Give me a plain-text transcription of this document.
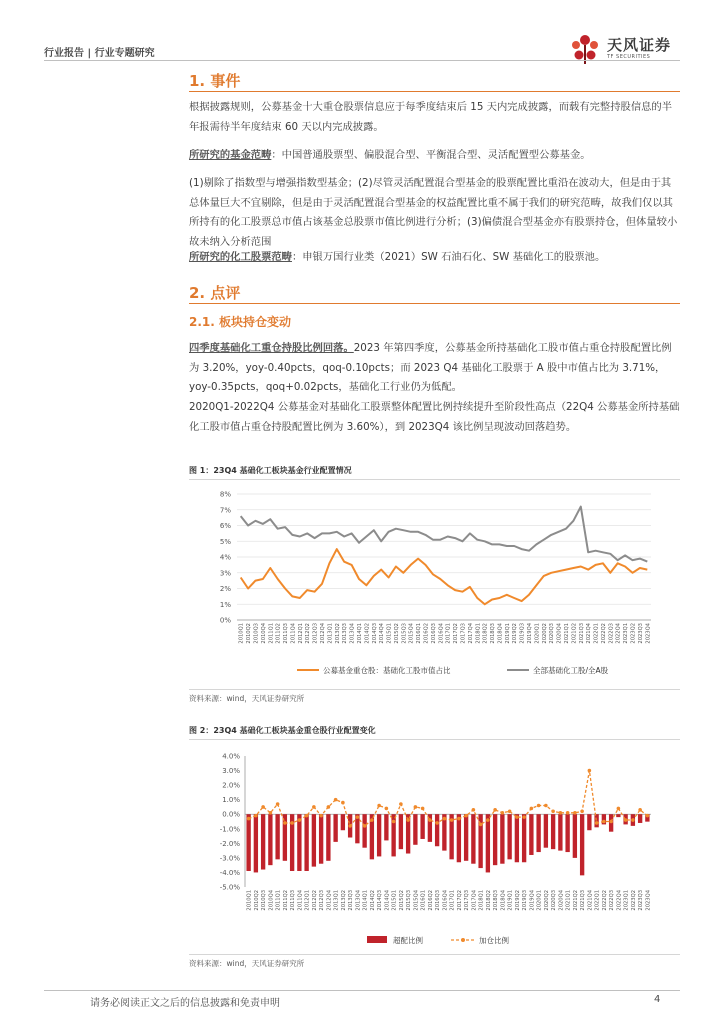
行业报告 | 行业专题研究	天风证券
TF SECURITIES
1. 事件

根据披露规则，公募基金十大重仓股票信息应于每季度结束后 15 天内完成披露，而载有完整持股信息的半年报需待半年度结束 60 天以内完成披露。

所研究的基金范畴：中国普通股票型、偏股混合型、平衡混合型、灵活配置型公募基金。

(1)剔除了指数型与增强指数型基金；(2)尽管灵活配置混合型基金的股票配置比重沿在波动大，但是由于其总体量巨大不宜剔除，但是由于灵活配置混合型基金的权益配置比重不属于我们的研究范畴，故我们仅以其所持有的化工股票总市值占该基金总股票市值比例进行分析；(3)偏债混合型基金亦有股票持仓，但体量较小故未纳入分析范围

所研究的化工股票范畴：申银万国行业类（2021）SW 石油石化、SW 基础化工的股票池。

2. 点评
2.1. 板块持仓变动

四季度基础化工重仓持股比例回落。2023 年第四季度，公募基金所持基础化工股市值占重仓持股配置比例为 3.20%，yoy-0.40pcts，qoq-0.10pcts；而 2023 Q4 基础化工股票于 A 股中市值占比为 3.71%，yoy-0.35pcts，qoq+0.02pcts，基础化工行业仍为低配。

2020Q1-2022Q4 公募基金对基础化工股票整体配置比例持续提升至阶段性高点（22Q4 公募基金所持基础化工股市值占重仓持股配置比例为 3.60%），到 2023Q4 该比例呈现波动回落趋势。

图 1：23Q4 基础化工板块基金行业配置情况
0%
1%
2%
3%
4%
5%
6%
7%
8%
2010Q1 2010Q2 2010Q3 2010Q4 2011Q1 2011Q2 2011Q3 2011Q4 2012Q1 2012Q2 2012Q3 2012Q4 2013Q1 2013Q2 2013Q3 2013Q4 2014Q1 2014Q2 2014Q3 2014Q4 2015Q1 2015Q2 2015Q3 2015Q4 2016Q1 2016Q2 2016Q3 2016Q4 2017Q1 2017Q2 2017Q3 2017Q4 2018Q1 2018Q2 2018Q3 2018Q4 2019Q1 2019Q2 2019Q3 2019Q4 2020Q1 2020Q2 2020Q3 2020Q4 2021Q1 2021Q2 2021Q3 2021Q4 2022Q1 2022Q2 2022Q3 2022Q4 2023Q1 2023Q2 2023Q3 2023Q4
公募基金重仓股：基础化工股市值占比	全部基础化工股/全A股
资料来源：wind，天风证券研究所
图 2：23Q4 基础化工板块基金重仓股行业配置变化
-5.0%
-4.0%
-3.0%
-2.0%
-1.0%
0.0%
1.0%
2.0%
3.0%
4.0%
2010Q1 2010Q2 2010Q3 2010Q4 2011Q1 2011Q2 2011Q3 2011Q4 2012Q1 2012Q2 2012Q3 2012Q4 2013Q1 2013Q2 2013Q3 2013Q4 2014Q1 2014Q2 2014Q3 2014Q4 2015Q1 2015Q2 2015Q3 2015Q4 2016Q1 2016Q2 2016Q3 2016Q4 2017Q1 2017Q2 2017Q3 2017Q4 2018Q1 2018Q2 2018Q3 2018Q4 2019Q1 2019Q2 2019Q3 2019Q4 2020Q1 2020Q2 2020Q3 2020Q4 2021Q1 2021Q2 2021Q3 2021Q4 2022Q1 2022Q2 2022Q3 2022Q4 2023Q1 2023Q2 2023Q3 2023Q4
超配比例	加仓比例
资料来源：wind，天风证券研究所
请务必阅读正文之后的信息披露和免责申明	4
